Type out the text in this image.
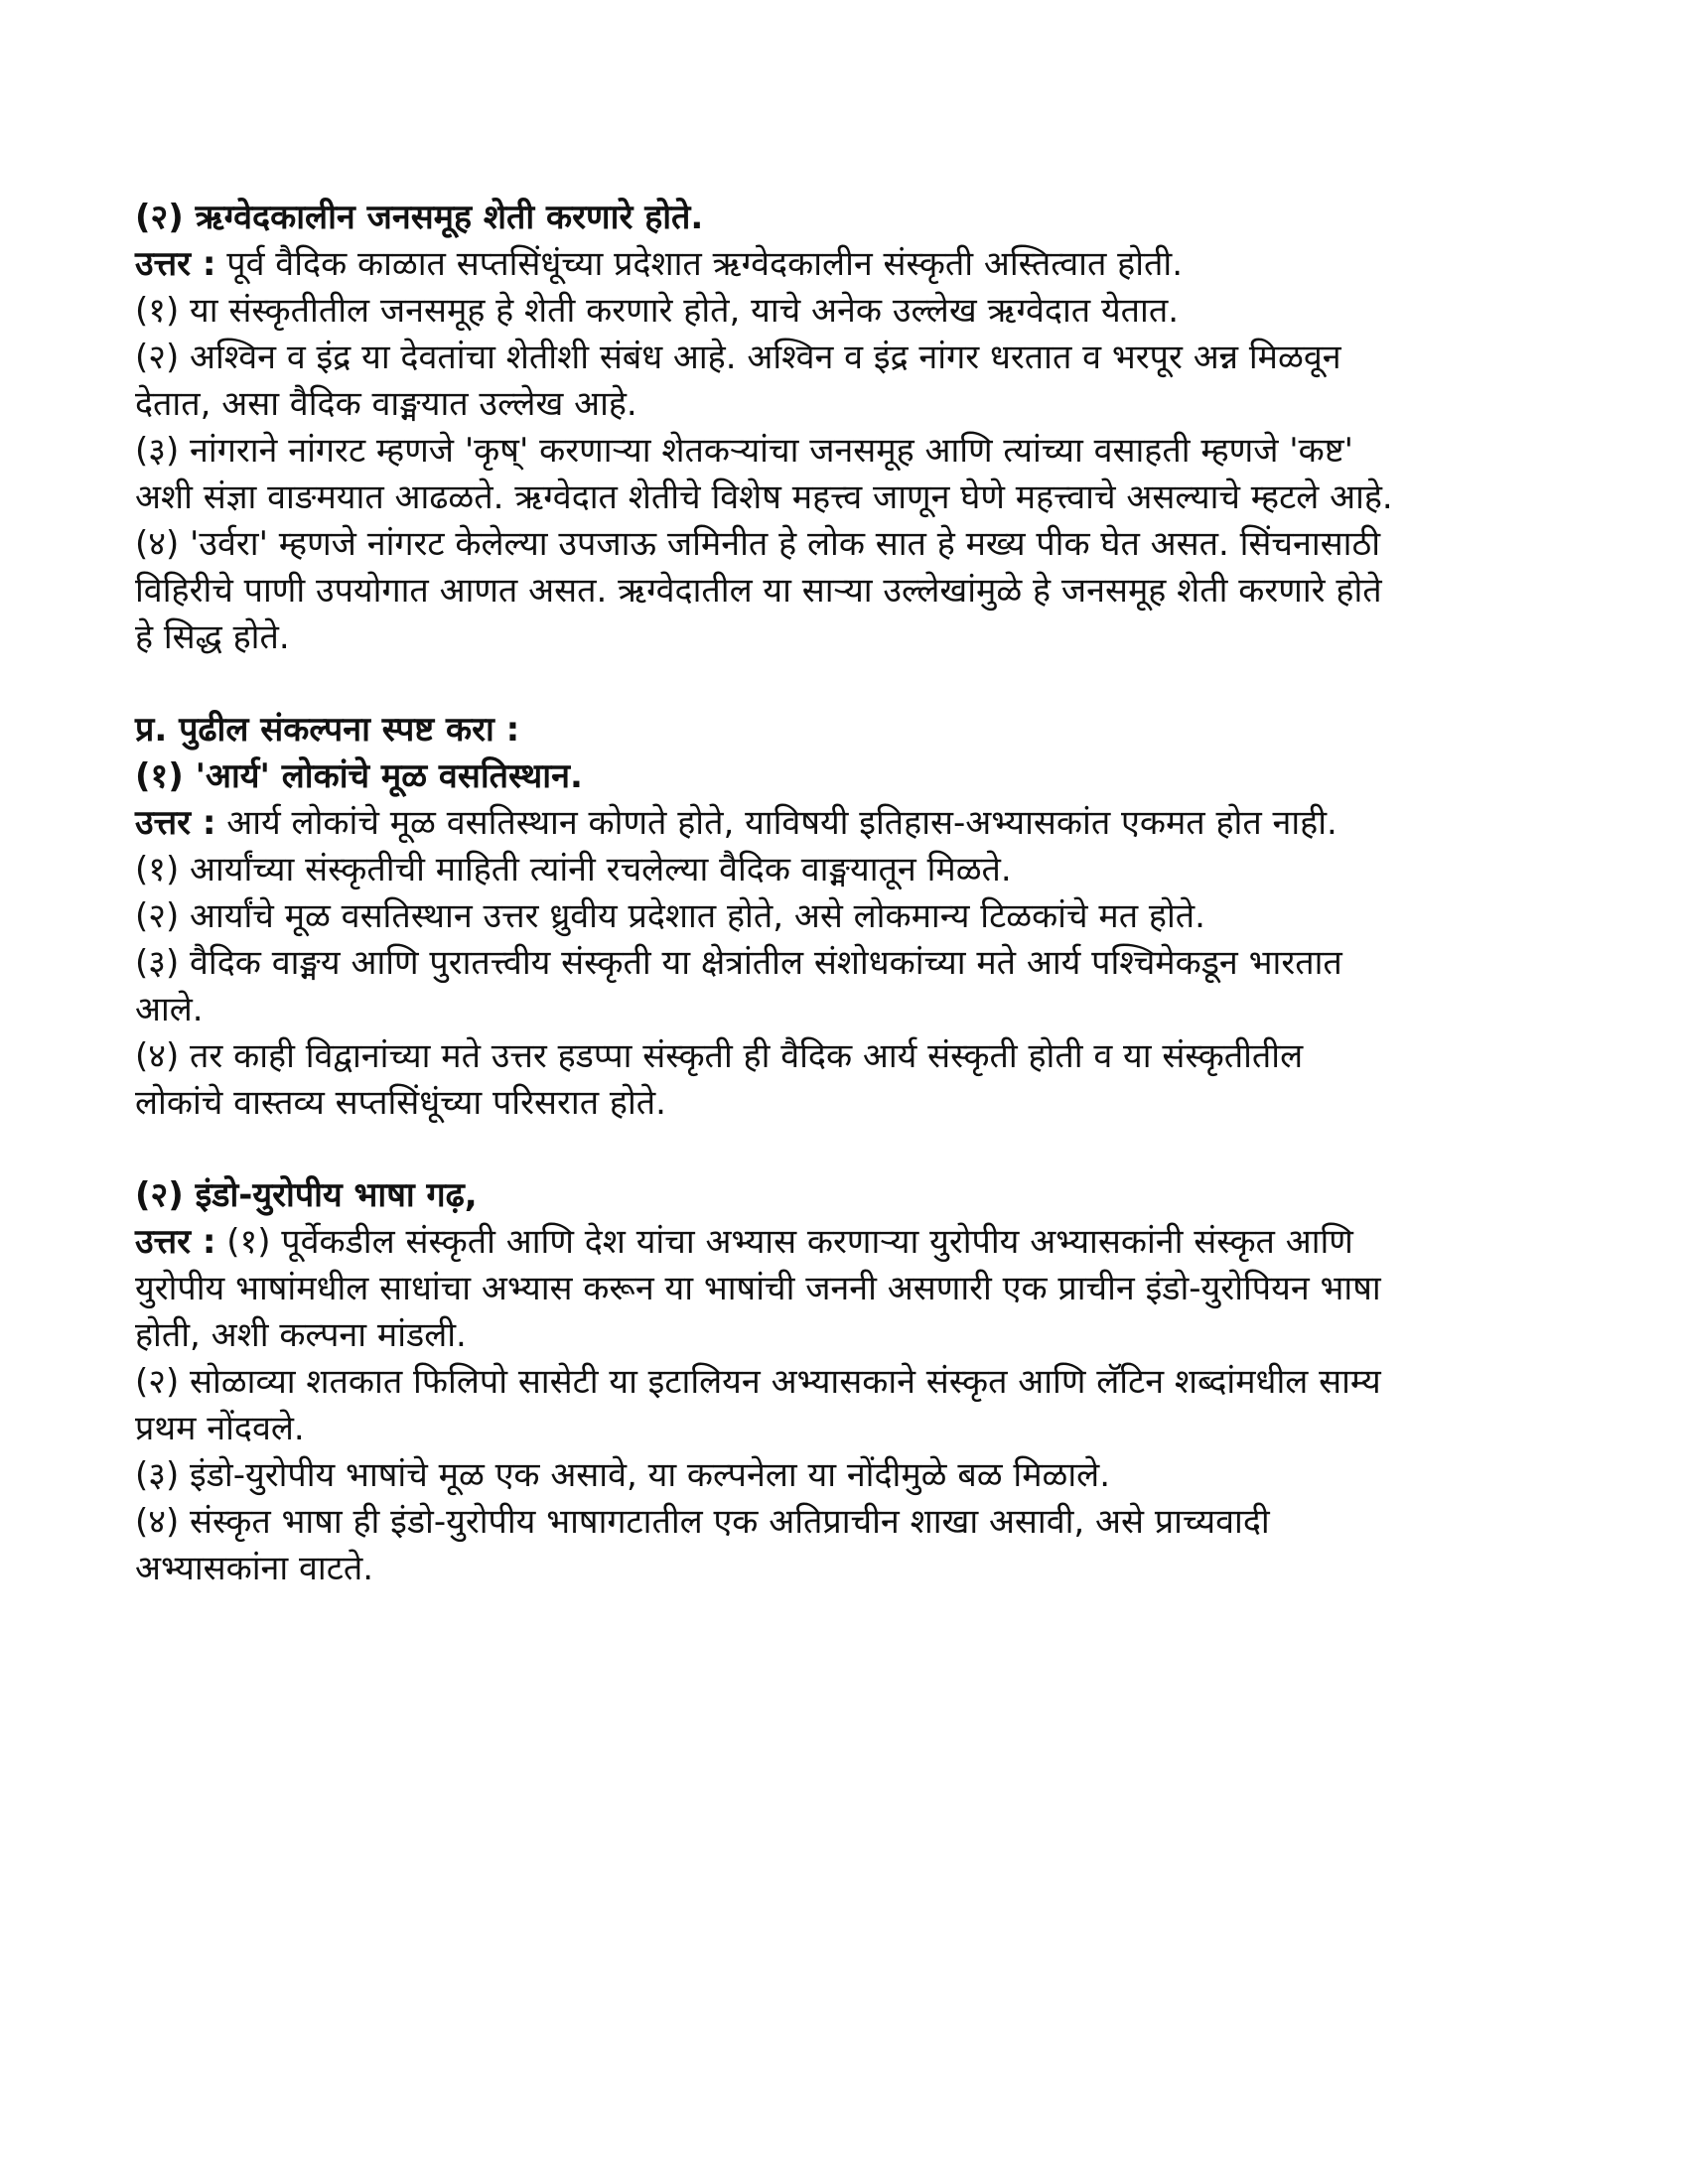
(२) ऋग्वेदकालीन जनसमूह शेती करणारे होते.

उत्तर : पूर्व वैदिक काळात सप्तसिंधूंच्या प्रदेशात ऋग्वेदकालीन संस्कृती अस्तित्वात होती.

(१) या संस्कृतीतील जनसमूह हे शेती करणारे होते, याचे अनेक उल्लेख ऋग्वेदात येतात.

(२) अश्विन व इंद्र या देवतांचा शेतीशी संबंध आहे. अश्विन व इंद्र नांगर धरतात व भरपूर अन्न मिळवून

देतात, असा वैदिक वाङ्मयात उल्लेख आहे.

(३) नांगराने नांगरट म्हणजे 'कृष्' करणाऱ्या शेतकऱ्यांचा जनसमूह आणि त्यांच्या वसाहती म्हणजे 'कष्ट'

अशी संज्ञा वाङमयात आढळते. ऋग्वेदात शेतीचे विशेष महत्त्व जाणून घेणे महत्त्वाचे असल्याचे म्हटले आहे.

(४) 'उर्वरा' म्हणजे नांगरट केलेल्या उपजाऊ जमिनीत हे लोक सात हे मख्य पीक घेत असत. सिंचनासाठी

विहिरीचे पाणी उपयोगात आणत असत. ऋग्वेदातील या साऱ्या उल्लेखांमुळे हे जनसमूह शेती करणारे होते

हे सिद्ध होते.

प्र. पुढील संकल्पना स्पष्ट करा :

(१) 'आर्य' लोकांचे मूळ वसतिस्थान.

उत्तर : आर्य लोकांचे मूळ वसतिस्थान कोणते होते, याविषयी इतिहास-अभ्यासकांत एकमत होत नाही.

(१) आर्यांच्या संस्कृतीची माहिती त्यांनी रचलेल्या वैदिक वाङ्मयातून मिळते.

(२) आर्यांचे मूळ वसतिस्थान उत्तर ध्रुवीय प्रदेशात होते, असे लोकमान्य टिळकांचे मत होते.

(३) वैदिक वाङ्मय आणि पुरातत्त्वीय संस्कृती या क्षेत्रांतील संशोधकांच्या मते आर्य पश्चिमेकडून भारतात

आले.

(४) तर काही विद्वानांच्या मते उत्तर हडप्पा संस्कृती ही वैदिक आर्य संस्कृती होती व या संस्कृतीतील

लोकांचे वास्तव्य सप्तसिंधूंच्या परिसरात होते.

(२) इंडो-युरोपीय भाषा गढ़,

उत्तर : (१) पूर्वेकडील संस्कृती आणि देश यांचा अभ्यास करणाऱ्या युरोपीय अभ्यासकांनी संस्कृत आणि

युरोपीय भाषांमधील साधांचा अभ्यास करून या भाषांची जननी असणारी एक प्राचीन इंडो-युरोपियन भाषा

होती, अशी कल्पना मांडली.

(२) सोळाव्या शतकात फिलिपो सासेटी या इटालियन अभ्यासकाने संस्कृत आणि लॅटिन शब्दांमधील साम्य

प्रथम नोंदवले.

(३) इंडो-युरोपीय भाषांचे मूळ एक असावे, या कल्पनेला या नोंदीमुळे बळ मिळाले.

(४) संस्कृत भाषा ही इंडो-युरोपीय भाषागटातील एक अतिप्राचीन शाखा असावी, असे प्राच्यवादी

अभ्यासकांना वाटते.
